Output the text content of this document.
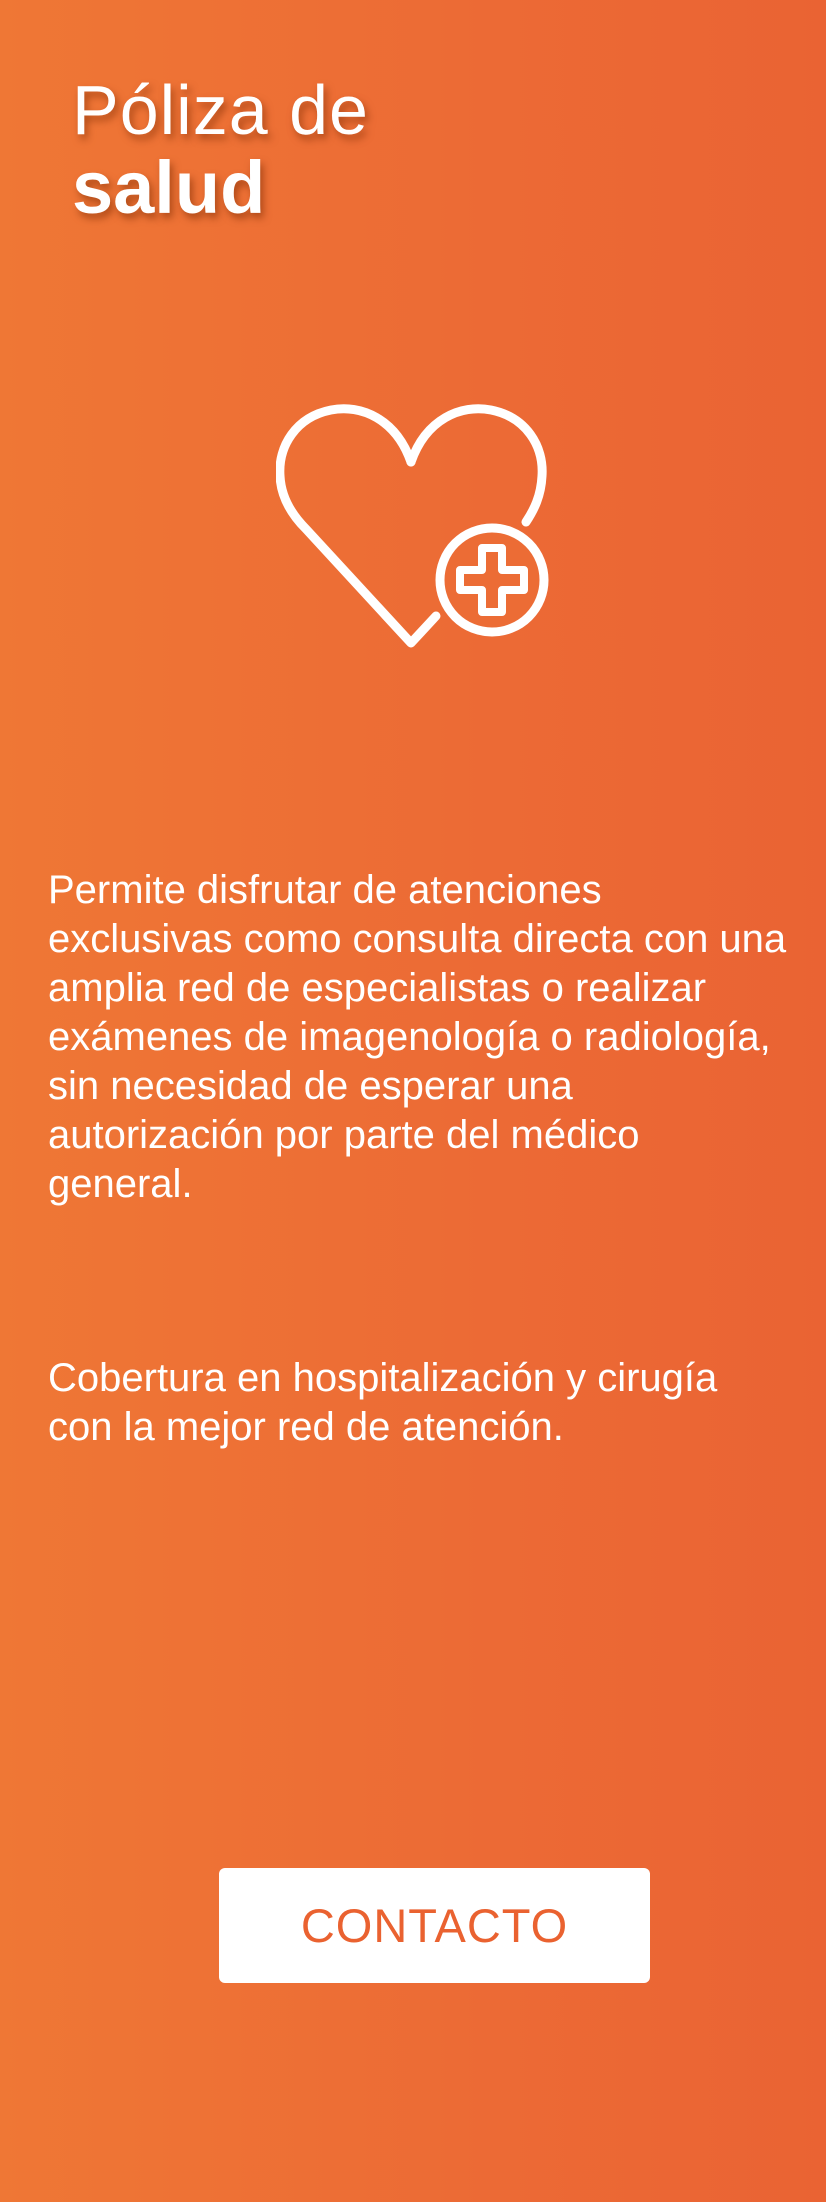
Póliza de
salud

Permite disfrutar de atenciones exclusivas como consulta directa con una amplia red de especialistas o realizar exámenes de imagenología o radiología, sin necesidad de esperar una autorización por parte del médico general.

Cobertura en hospitalización y cirugía con la mejor red de atención.

CONTACTO
